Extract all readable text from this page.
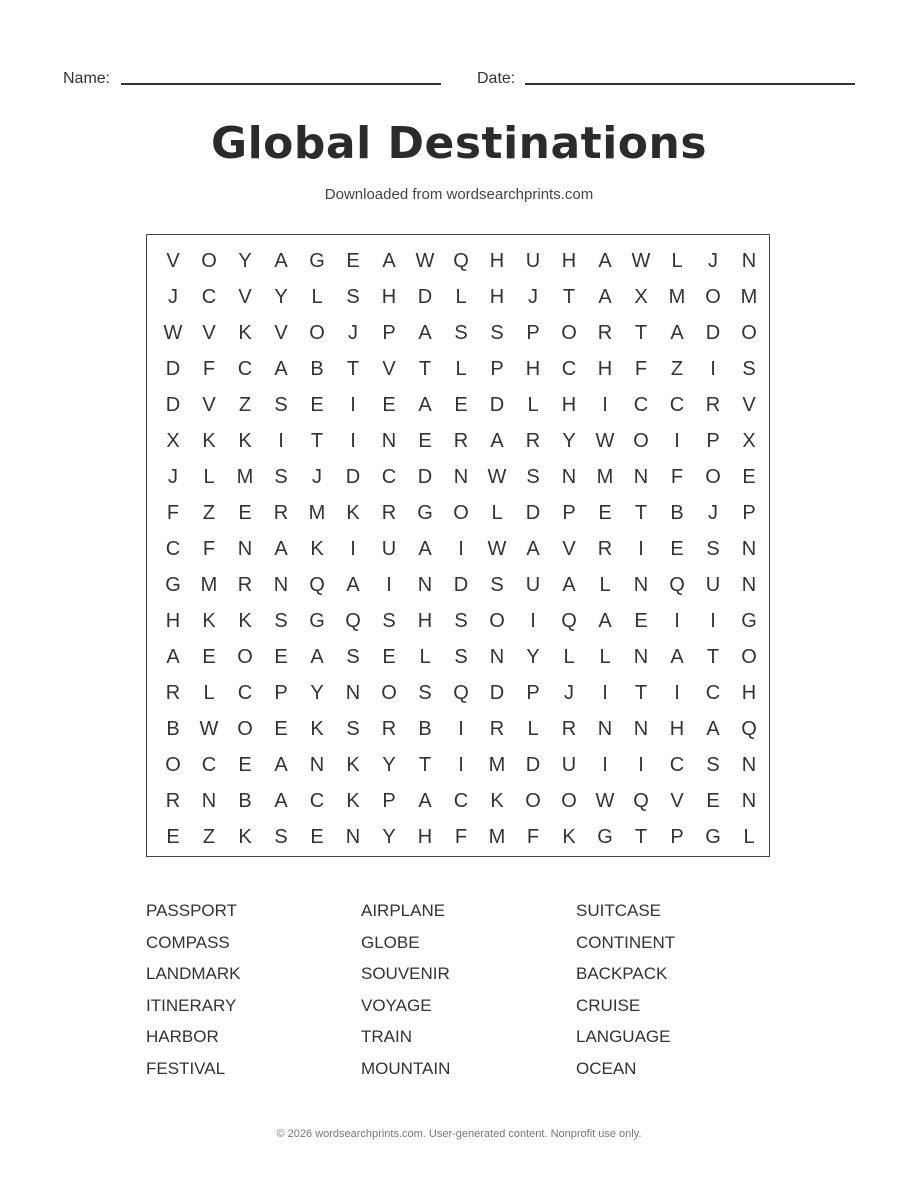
Name:	Date:
Global Destinations
Downloaded from wordsearchprints.com
V	O	Y	A	G	E	A W Q	H	U	H	A W	L	J	N
J	C	V	Y	L	S	H	D	L	H	J	T	A	X	M O M
W V	K	V	O	J	P	A	S	S	P	O	R	T	A	D	O
D	F	C	A	B	T	V	T	L	P	H	C	H	F	Z	I	S
D	V	Z	S	E	I	E	A	E	D	L	H	I	C	C	R	V
X	K	K	I	T	I	N	E	R	A	R	Y W O	I	P	X
J	L	M	S	J	D	C	D	N W S	N	M	N	F	O	E
F	Z	E	R	M	K	R	G	O	L	D	P	E	T	B	J	P
C	F	N	A	K	I	U	A	I	W A	V	R	I	E	S	N
G M	R	N	Q	A	I	N	D	S	U	A	L	N	Q	U	N
H	K	K	S	G	Q	S	H	S	O	I	Q	A	E	I	I	G
A	E	O	E	A	S	E	L	S	N	Y	L	L	N	A	T	O
R	L	C	P	Y	N	O	S	Q	D	P	J	I	T	I	C	H
B W O	E	K	S	R	B	I	R	L	R	N	N	H	A	Q
O	C	E	A	N	K	Y	T	I	M	D	U	I	I	C	S	N
R	N	B	A	C	K	P	A	C	K	O	O W Q	V	E	N
E	Z	K	S	E	N	Y	H	F	M	F	K	G	T	P	G	L
PASSPORT
COMPASS
LANDMARK
ITINERARY
HARBOR
FESTIVAL
AIRPLANE
GLOBE
SOUVENIR
VOYAGE
TRAIN
MOUNTAIN
SUITCASE
CONTINENT
BACKPACK
CRUISE
LANGUAGE
OCEAN
© 2026 wordsearchprints.com. User-generated content. Nonprofit use only.
